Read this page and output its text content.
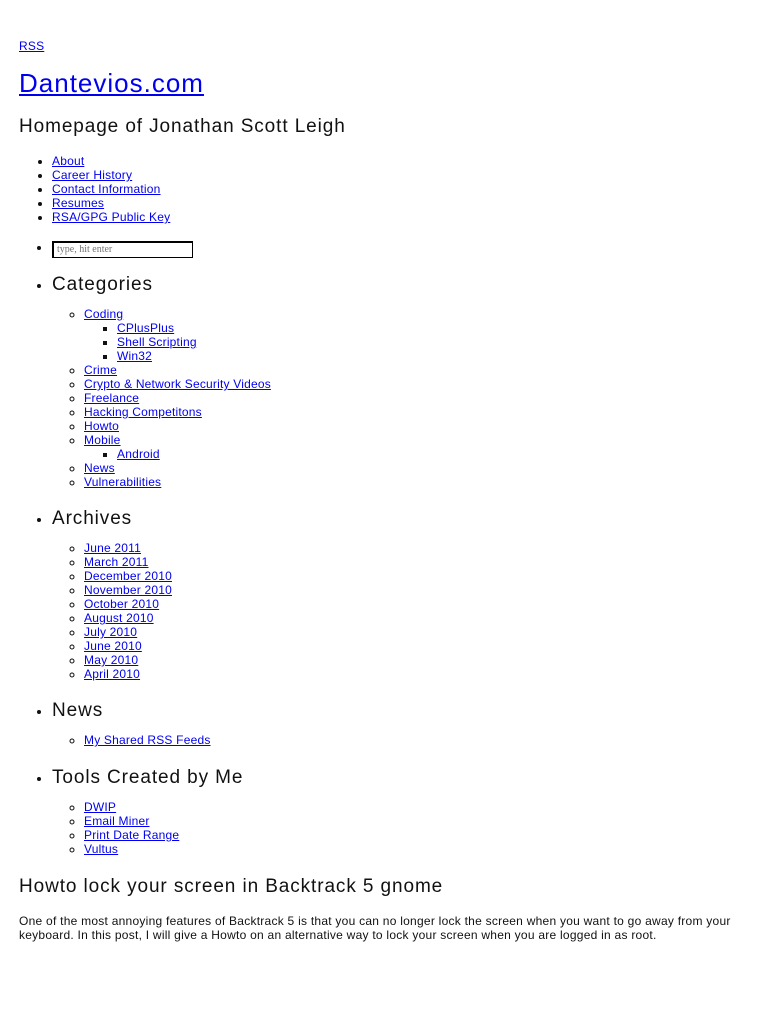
RSS
Dantevios.com
Homepage of Jonathan Scott Leigh
• About
• Career History
• Contact Information
• Resumes
• RSA/GPG Public Key
• type, hit enter
• Categories
◦ Coding
▪ CPlusPlus
▪ Shell Scripting
▪ Win32
◦ Crime
◦ Crypto & Network Security Videos
◦ Freelance
◦ Hacking Competitons
◦ Howto
◦ Mobile
▪ Android
◦ News
◦ Vulnerabilities
• Archives
◦ June 2011
◦ March 2011
◦ December 2010
◦ November 2010
◦ October 2010
◦ August 2010
◦ July 2010
◦ June 2010
◦ May 2010
◦ April 2010
• News
◦ My Shared RSS Feeds
• Tools Created by Me
◦ DWIP
◦ Email Miner
◦ Print Date Range
◦ Vultus
Howto lock your screen in Backtrack 5 gnome

One of the most annoying features of Backtrack 5 is that you can no longer lock the screen when you want to go away from your keyboard. In this post, I will give a Howto on an alternative way to lock your screen when you are logged in as root.
